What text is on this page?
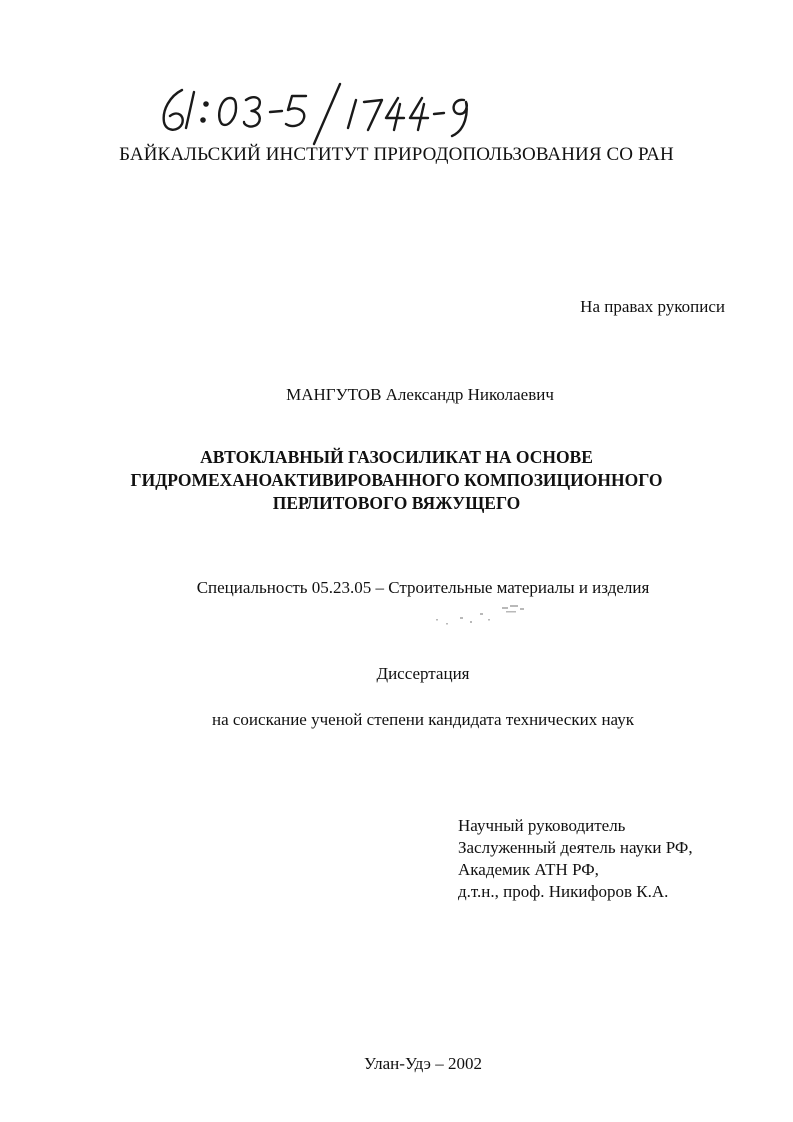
БАЙКАЛЬСКИЙ ИНСТИТУТ ПРИРОДОПОЛЬЗОВАНИЯ СО РАН

На правах рукописи

МАНГУТОВ Александр Николаевич

АВТОКЛАВНЫЙ ГАЗОСИЛИКАТ НА ОСНОВЕ
ГИДРОМЕХАНОАКТИВИРОВАННОГО КОМПОЗИЦИОННОГО
ПЕРЛИТОВОГО ВЯЖУЩЕГО

Специальность 05.23.05 – Строительные материалы и изделия

Диссертация

на соискание ученой степени кандидата технических наук

Научный руководитель
Заслуженный деятель науки РФ,
Академик АТН РФ,
д.т.н., проф. Никифоров К.А.

Улан-Удэ – 2002
